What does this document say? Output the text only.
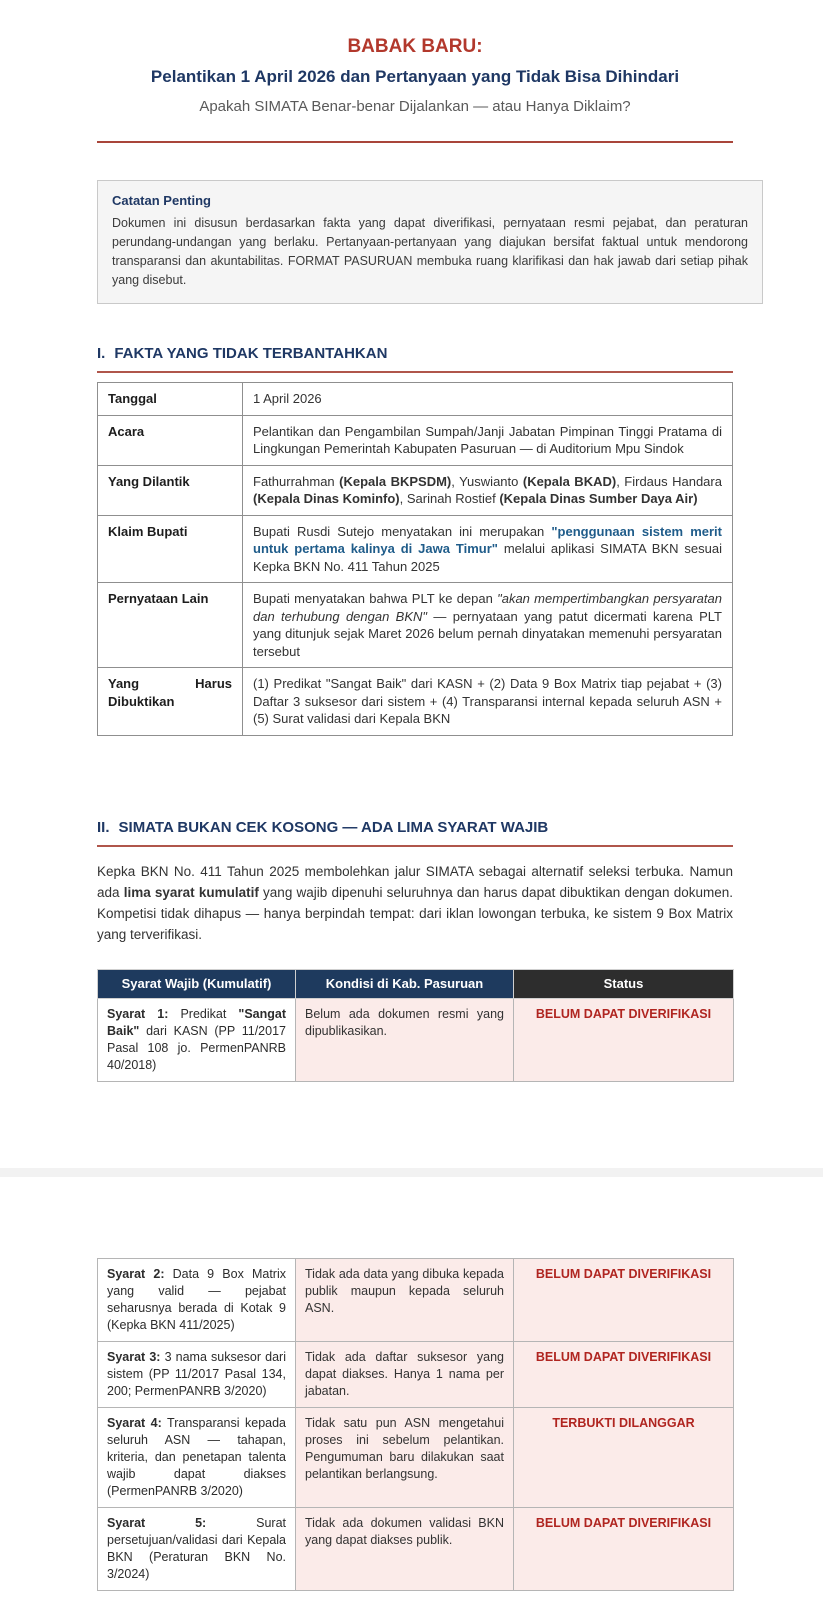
BABAK BARU:
Pelantikan 1 April 2026 dan Pertanyaan yang Tidak Bisa Dihindari
Apakah SIMATA Benar-benar Dijalankan — atau Hanya Diklaim?
Catatan Penting
Dokumen ini disusun berdasarkan fakta yang dapat diverifikasi, pernyataan resmi pejabat, dan peraturan perundang-undangan yang berlaku. Pertanyaan-pertanyaan yang diajukan bersifat faktual untuk mendorong transparansi dan akuntabilitas. FORMAT PASURUAN membuka ruang klarifikasi dan hak jawab dari setiap pihak yang disebut.
I. FAKTA YANG TIDAK TERBANTAHKAN
Tanggal	1 April 2026
Acara	Pelantikan dan Pengambilan Sumpah/Janji Jabatan Pimpinan Tinggi Pratama di Lingkungan Pemerintah Kabupaten Pasuruan — di Auditorium Mpu Sindok
Yang Dilantik	Fathurrahman (Kepala BKPSDM), Yuswianto (Kepala BKAD), Firdaus Handara (Kepala Dinas Kominfo), Sarinah Rostief (Kepala Dinas Sumber Daya Air)
Klaim Bupati	Bupati Rusdi Sutejo menyatakan ini merupakan "penggunaan sistem merit untuk pertama kalinya di Jawa Timur" melalui aplikasi SIMATA BKN sesuai Kepka BKN No. 411 Tahun 2025
Pernyataan Lain	Bupati menyatakan bahwa PLT ke depan "akan mempertimbangkan persyaratan dan terhubung dengan BKN" — pernyataan yang patut dicermati karena PLT yang ditunjuk sejak Maret 2026 belum pernah dinyatakan memenuhi persyaratan tersebut
Yang Harus Dibuktikan	(1) Predikat "Sangat Baik" dari KASN + (2) Data 9 Box Matrix tiap pejabat + (3) Daftar 3 suksesor dari sistem + (4) Transparansi internal kepada seluruh ASN + (5) Surat validasi dari Kepala BKN
II. SIMATA BUKAN CEK KOSONG — ADA LIMA SYARAT WAJIB

Kepka BKN No. 411 Tahun 2025 membolehkan jalur SIMATA sebagai alternatif seleksi terbuka. Namun ada lima syarat kumulatif yang wajib dipenuhi seluruhnya dan harus dapat dibuktikan dengan dokumen. Kompetisi tidak dihapus — hanya berpindah tempat: dari iklan lowongan terbuka, ke sistem 9 Box Matrix yang terverifikasi.

Syarat Wajib (Kumulatif)	Kondisi di Kab. Pasuruan	Status
Syarat 1: Predikat "Sangat Baik" dari KASN (PP 11/2017 Pasal 108 jo. PermenPANRB 40/2018)	Belum ada dokumen resmi yang dipublikasikan.	BELUM DAPAT DIVERIFIKASI
Syarat 2: Data 9 Box Matrix yang valid — pejabat seharusnya berada di Kotak 9 (Kepka BKN 411/2025)	Tidak ada data yang dibuka kepada publik maupun kepada seluruh ASN.	BELUM DAPAT DIVERIFIKASI
Syarat 3: 3 nama suksesor dari sistem (PP 11/2017 Pasal 134, 200; PermenPANRB 3/2020)	Tidak ada daftar suksesor yang dapat diakses. Hanya 1 nama per jabatan.	BELUM DAPAT DIVERIFIKASI
Syarat 4: Transparansi kepada seluruh ASN — tahapan, kriteria, dan penetapan talenta wajib dapat diakses (PermenPANRB 3/2020)	Tidak satu pun ASN mengetahui proses ini sebelum pelantikan. Pengumuman baru dilakukan saat pelantikan berlangsung.	TERBUKTI DILANGGAR
Syarat 5: Surat persetujuan/validasi dari Kepala BKN (Peraturan BKN No. 3/2024)	Tidak ada dokumen validasi BKN yang dapat diakses publik.	BELUM DAPAT DIVERIFIKASI
